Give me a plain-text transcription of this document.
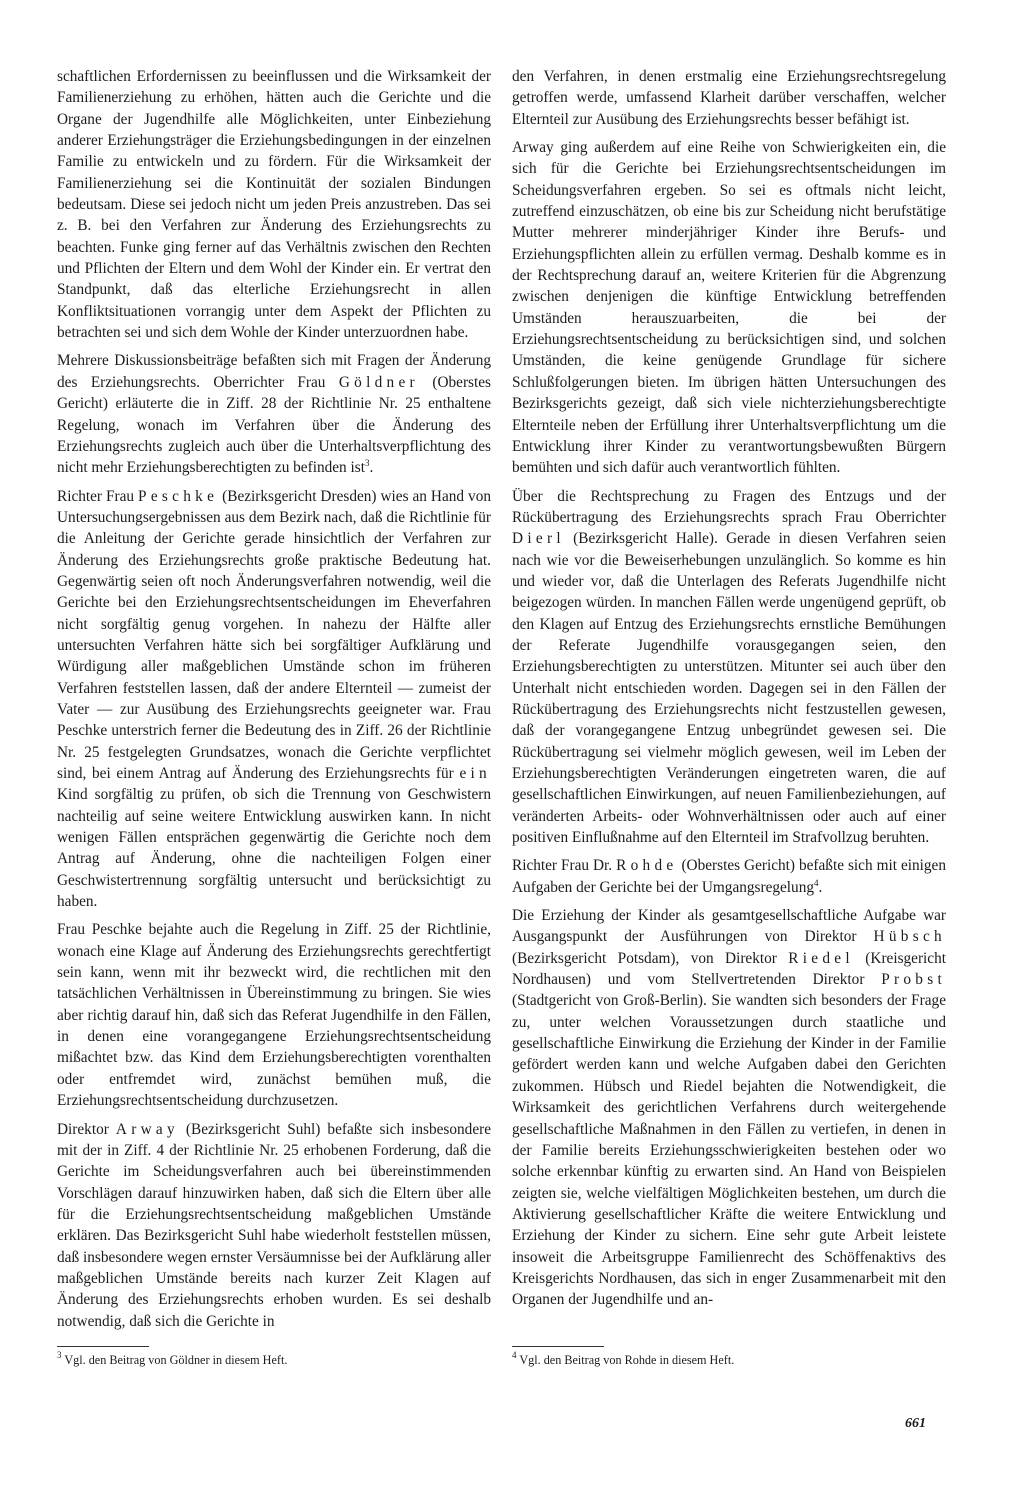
schaftlichen Erfordernissen zu beeinflussen und die Wirksamkeit der Familienerziehung zu erhöhen, hätten auch die Gerichte und die Organe der Jugendhilfe alle Möglichkeiten, unter Einbeziehung anderer Erziehungsträger die Erziehungsbedingungen in der einzelnen Familie zu entwickeln und zu fördern. Für die Wirksamkeit der Familienerziehung sei die Kontinuität der sozialen Bindungen bedeutsam. Diese sei jedoch nicht um jeden Preis anzustreben. Das sei z. B. bei den Verfahren zur Änderung des Erziehungsrechts zu beachten. Funke ging ferner auf das Verhältnis zwischen den Rechten und Pflichten der Eltern und dem Wohl der Kinder ein. Er vertrat den Standpunkt, daß das elterliche Erziehungsrecht in allen Konfliktsituationen vorrangig unter dem Aspekt der Pflichten zu betrachten sei und sich dem Wohle der Kinder unterzuordnen habe.

Mehrere Diskussionsbeiträge befaßten sich mit Fragen der Änderung des Erziehungsrechts. Oberrichter Frau Göldner (Oberstes Gericht) erläuterte die in Ziff. 28 der Richtlinie Nr. 25 enthaltene Regelung, wonach im Verfahren über die Änderung des Erziehungsrechts zugleich auch über die Unterhaltsverpflichtung des nicht mehr Erziehungsberechtigten zu befinden ist$^3$.

Richter Frau Peschke (Bezirksgericht Dresden) wies an Hand von Untersuchungsergebnissen aus dem Bezirk nach, daß die Richtlinie für die Anleitung der Gerichte gerade hinsichtlich der Verfahren zur Änderung des Erziehungsrechts große praktische Bedeutung hat. Gegenwärtig seien oft noch Änderungsverfahren notwendig, weil die Gerichte bei den Erziehungsrechtsentscheidungen im Eheverfahren nicht sorgfältig genug vorgehen. In nahezu der Hälfte aller untersuchten Verfahren hätte sich bei sorgfältiger Aufklärung und Würdigung aller maßgeblichen Umstände schon im früheren Verfahren feststellen lassen, daß der andere Elternteil — zumeist der Vater — zur Ausübung des Erziehungsrechts geeigneter war. Frau Peschke unterstrich ferner die Bedeutung des in Ziff. 26 der Richtlinie Nr. 25 festgelegten Grundsatzes, wonach die Gerichte verpflichtet sind, bei einem Antrag auf Änderung des Erziehungsrechts für ein Kind sorgfältig zu prüfen, ob sich die Trennung von Geschwistern nachteilig auf seine weitere Entwicklung auswirken kann. In nicht wenigen Fällen entsprächen gegenwärtig die Gerichte noch dem Antrag auf Änderung, ohne die nachteiligen Folgen einer Geschwistertrennung sorgfältig untersucht und berücksichtigt zu haben.

Frau Peschke bejahte auch die Regelung in Ziff. 25 der Richtlinie, wonach eine Klage auf Änderung des Erziehungsrechts gerechtfertigt sein kann, wenn mit ihr bezweckt wird, die rechtlichen mit den tatsächlichen Verhältnissen in Übereinstimmung zu bringen. Sie wies aber richtig darauf hin, daß sich das Referat Jugendhilfe in den Fällen, in denen eine vorangegangene Erziehungsrechtsentscheidung mißachtet bzw. das Kind dem Erziehungsberechtigten vorenthalten oder entfremdet wird, zunächst bemühen muß, die Erziehungsrechtsentscheidung durchzusetzen.

Direktor Arway (Bezirksgericht Suhl) befaßte sich insbesondere mit der in Ziff. 4 der Richtlinie Nr. 25 erhobenen Forderung, daß die Gerichte im Scheidungsverfahren auch bei übereinstimmenden Vorschlägen darauf hinzuwirken haben, daß sich die Eltern über alle für die Erziehungsrechtsentscheidung maßgeblichen Umstände erklären. Das Bezirksgericht Suhl habe wiederholt feststellen müssen, daß insbesondere wegen ernster Versäumnisse bei der Aufklärung aller maßgeblichen Umstände bereits nach kurzer Zeit Klagen auf Änderung des Erziehungsrechts erhoben wurden. Es sei deshalb notwendig, daß sich die Gerichte in

den Verfahren, in denen erstmalig eine Erziehungsrechtsregelung getroffen werde, umfassend Klarheit darüber verschaffen, welcher Elternteil zur Ausübung des Erziehungsrechts besser befähigt ist.

Arway ging außerdem auf eine Reihe von Schwierigkeiten ein, die sich für die Gerichte bei Erziehungsrechtsentscheidungen im Scheidungsverfahren ergeben. So sei es oftmals nicht leicht, zutreffend einzuschätzen, ob eine bis zur Scheidung nicht berufstätige Mutter mehrerer minderjähriger Kinder ihre Berufs- und Erziehungspflichten allein zu erfüllen vermag. Deshalb komme es in der Rechtsprechung darauf an, weitere Kriterien für die Abgrenzung zwischen denjenigen die künftige Entwicklung betreffenden Umständen herauszuarbeiten, die bei der Erziehungsrechtsentscheidung zu berücksichtigen sind, und solchen Umständen, die keine genügende Grundlage für sichere Schlußfolgerungen bieten. Im übrigen hätten Untersuchungen des Bezirksgerichts gezeigt, daß sich viele nichterziehungsberechtigte Elternteile neben der Erfüllung ihrer Unterhaltsverpflichtung um die Entwicklung ihrer Kinder zu verantwortungsbewußten Bürgern bemühten und sich dafür auch verantwortlich fühlten.

Über die Rechtsprechung zu Fragen des Entzugs und der Rückübertragung des Erziehungsrechts sprach Frau Oberrichter Dierl (Bezirksgericht Halle). Gerade in diesen Verfahren seien nach wie vor die Beweiserhebungen unzulänglich. So komme es hin und wieder vor, daß die Unterlagen des Referats Jugendhilfe nicht beigezogen würden. In manchen Fällen werde ungenügend geprüft, ob den Klagen auf Entzug des Erziehungsrechts ernstliche Bemühungen der Referate Jugendhilfe vorausgegangen seien, den Erziehungsberechtigten zu unterstützen. Mitunter sei auch über den Unterhalt nicht entschieden worden. Dagegen sei in den Fällen der Rückübertragung des Erziehungsrechts nicht festzustellen gewesen, daß der vorangegangene Entzug unbegründet gewesen sei. Die Rückübertragung sei vielmehr möglich gewesen, weil im Leben der Erziehungsberechtigten Veränderungen eingetreten waren, die auf gesellschaftlichen Einwirkungen, auf neuen Familienbeziehungen, auf veränderten Arbeits- oder Wohnverhältnissen oder auch auf einer positiven Einflußnahme auf den Elternteil im Strafvollzug beruhten.

Richter Frau Dr. Rohde (Oberstes Gericht) befaßte sich mit einigen Aufgaben der Gerichte bei der Umgangsregelung$^4$.

Die Erziehung der Kinder als gesamtgesellschaftliche Aufgabe war Ausgangspunkt der Ausführungen von Direktor Hübsch (Bezirksgericht Potsdam), von Direktor Riedel (Kreisgericht Nordhausen) und vom Stellvertretenden Direktor Probst (Stadtgericht von Groß-Berlin). Sie wandten sich besonders der Frage zu, unter welchen Voraussetzungen durch staatliche und gesellschaftliche Einwirkung die Erziehung der Kinder in der Familie gefördert werden kann und welche Aufgaben dabei den Gerichten zukommen. Hübsch und Riedel bejahten die Notwendigkeit, die Wirksamkeit des gerichtlichen Verfahrens durch weitergehende gesellschaftliche Maßnahmen in den Fällen zu vertiefen, in denen in der Familie bereits Erziehungsschwierigkeiten bestehen oder wo solche erkennbar künftig zu erwarten sind. An Hand von Beispielen zeigten sie, welche vielfältigen Möglichkeiten bestehen, um durch die Aktivierung gesellschaftlicher Kräfte die weitere Entwicklung und Erziehung der Kinder zu sichern. Eine sehr gute Arbeit leistete insoweit die Arbeitsgruppe Familienrecht des Schöffenaktivs des Kreisgerichts Nordhausen, das sich in enger Zusammenarbeit mit den Organen der Jugendhilfe und an-

$^3$ Vgl. den Beitrag von Göldner in diesem Heft.	$^4$ Vgl. den Beitrag von Rohde in diesem Heft.
661
